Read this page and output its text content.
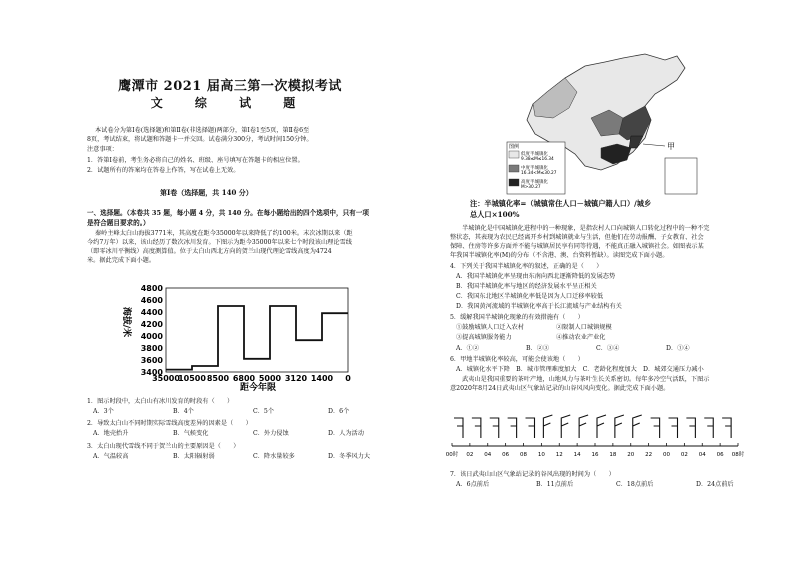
鹰潭市 2021 届高三第一次模拟考试
文 综 试 题
本试卷分为第Ⅰ卷(选择题)和第Ⅱ卷(非选择题)两部分，第Ⅰ卷1至5页，第Ⅱ卷6至
8页，考试结束，将试题和答题卡一并交回。试卷满分300分，考试时间150分钟。
注意事项：
1．答第Ⅰ卷前，考生务必将自己的姓名、班级、座号填写在答题卡的相应位置。
2．试题所有的答案均在答卷上作答，写在试卷上无效。
第Ⅰ卷（选择题，共 140 分）
一、选择题。（本卷共 35 题，每小题 4 分，共 140 分。在每小题给出的四个选项中，只有一项
是符合题目要求的。）
秦岭主峰太白山海拔3771米，其高度在距今35000年以来降低了约100米。末次冰期以来（距
今约7万年）以来，该山经历了数次冰川发育。下图示为距今35000年以来七个时段该山理论雪线
（即零冰川平衡线）高度测算值。位于太白山西北方向的贺兰山现代理论雪线高度为4724
米。据此完成下面小题。
海拔/米
3400
3600
3800
4000
4200
4400
4600
4800
35000
10500 8500 6800 5000 3120 1400 0
距今年限
1．图示时段中，太白山有冰川发育的时段有（　　）
A．3个	B．4个	C．5个	D．6个
2．导致太白山不同时期实际雪线高度差异的因素是（　　）
A．地壳抬升	B．气候变化	C．外力侵蚀	D．人为活动
3．太白山现代雪线不同于贺兰山的主要原因是（　　）
A．气温较高	B．太阳辐射弱	C．降水量较多	D．冬季风力大
甲
图例
低度半城镇化
9.38≤M≤16.34
中度半城镇化
16.34<M≤30.27
高度半城镇化
M>30.27
注：半城镇化率=（城镇常住人口－城镇户籍人口）/城乡
总人口×100%
半城镇化是中国城镇化进程中的一种现象，是指农村人口向城镇人口转化过程中的一种不完
整状态，其表现为农民已经离开乡村到城镇就业与生活，但他们在劳动报酬、子女教育、社会
保障、住房等许多方面并不能与城镇居民享有同等待遇，不能真正融入城镇社会。如图表示某
年我国半城镇化率(M)的分布（不含港、澳、台资料暂缺）。读图完成下面小题。
4．下列关于我国半城镇化率的叙述，正确的是（　　）
A．我国半城镇化率呈现由东南向西北逐渐降低的发展态势
B．我国半城镇化率与地区的经济发展水平呈正相关
C．我国东北地区半城镇化率低是因为人口迁移率较低
D．我国黄河流域的半城镇化率高于长江流域与产业结构有关
5．缓解我国半城镇化现象的有效措施有（　　）
①鼓励城镇人口迁入农村	②限制人口城镇规模
③提高城镇服务能力	④推动农业产业化
A．①②	B．②③	C．③④	D．①④
6．甲地半城镇化率较高，可能会使该地（　　）
A．城镇化水平下降　B．城市管理难度加大　C．老龄化程度加大　D．城郊交通压力减小
武夷山是我国重要的茶叶产地，山地风力与茶叶生长关系密切。每年多冷空气活跃，下图示
意2020年8月24日武夷山区气象站记录的山谷风风向变化。据此完成下面小题。
00时 02 04 06 08 10 12 14 16 18 20 22 00 02 04 06 08时
7．该日武夷山山区气象站记录的谷风出现的时间为（　　）
A．6点前后	B．11点前后	C．18点前后	D．24点前后
